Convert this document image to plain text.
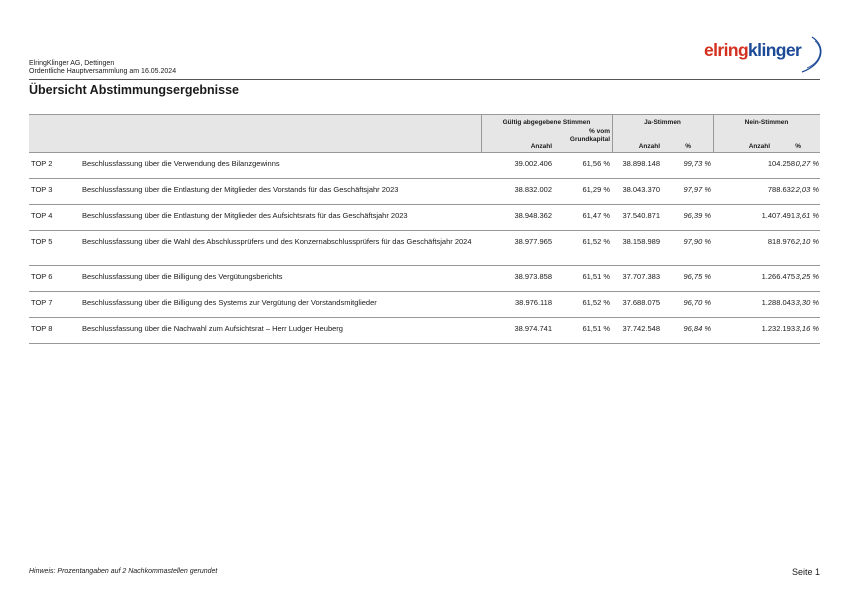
ElringKlinger AG, Dettingen
Ordentliche Hauptversammlung am 16.05.2024
elringklinger
Übersicht Abstimmungsergebnisse
Gültig abgegebene Stimmen	Ja-Stimmen	Nein-Stimmen
Anzahl
% vom
Grundkapital
Anzahl	%	Anzahl	%
TOP 2	Beschlussfassung über die Verwendung des Bilanzgewinns	39.002.406	61,56 %	38.898.148	99,73 %	104.258 0,27 %
TOP 3	Beschlussfassung über die Entlastung der Mitglieder des Vorstands für das Geschäftsjahr 2023	38.832.002	61,29 %	38.043.370	97,97 %	788.632 2,03 %
TOP 4	Beschlussfassung über die Entlastung der Mitglieder des Aufsichtsrats für das Geschäftsjahr 2023	38.948.362	61,47 %	37.540.871	96,39 %	1.407.491 3,61 %
TOP 5	Beschlussfassung über die Wahl des Abschlussprüfers und des Konzernabschlussprüfers für das Geschäftsjahr 2024	38.977.965	61,52 %	38.158.989	97,90 %	818.976 2,10 %
TOP 6	Beschlussfassung über die Billigung des Vergütungsberichts	38.973.858	61,51 %	37.707.383	96,75 %	1.266.475 3,25 %
TOP 7	Beschlussfassung über die Billigung des Systems zur Vergütung der Vorstandsmitglieder	38.976.118	61,52 %	37.688.075	96,70 %	1.288.043 3,30 %
TOP 8	Beschlussfassung über die Nachwahl zum Aufsichtsrat – Herr Ludger Heuberg	38.974.741	61,51 %	37.742.548	96,84 %	1.232.193 3,16 %
Hinweis: Prozentangaben auf 2 Nachkommastellen gerundet	Seite 1
